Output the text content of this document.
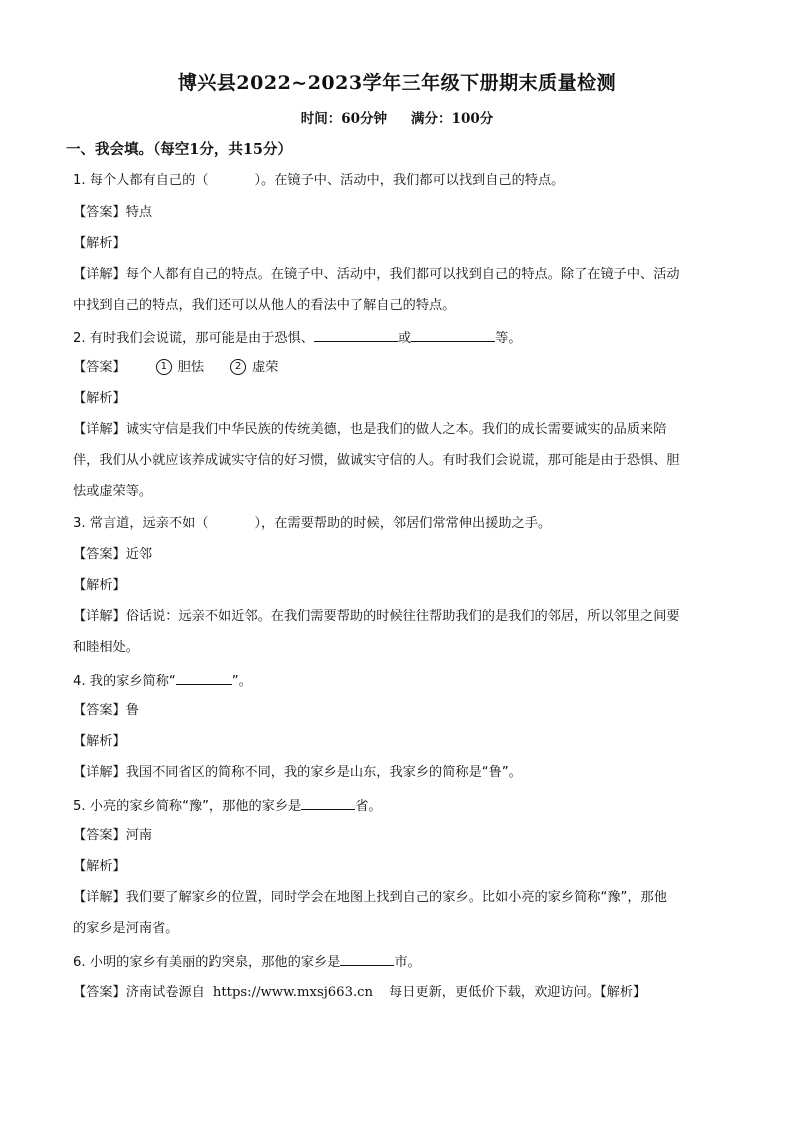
博兴县2022~2023学年三年级下册期末质量检测
时间：60分钟 满分：100分
一、我会填。（每空1分，共15分）
1. 每个人都有自己的（	）。在镜子中、活动中，我们都可以找到自己的特点。
【答案】特点
【解析】
【详解】每个人都有自己的特点。在镜子中、活动中，我们都可以找到自己的特点。除了在镜子中、活动
中找到自己的特点，我们还可以从他人的看法中了解自己的特点。
2. 有时我们会说谎，那可能是由于恐惧、	或	等。
【答案】	1 胆怯	2 虚荣
【解析】
【详解】诚实守信是我们中华民族的传统美德，也是我们的做人之本。我们的成长需要诚实的品质来陪
伴，我们从小就应该养成诚实守信的好习惯，做诚实守信的人。有时我们会说谎，那可能是由于恐惧、胆
怯或虚荣等。
3. 常言道，远亲不如（	），在需要帮助的时候，邻居们常常伸出援助之手。
【答案】近邻
【解析】
【详解】俗话说：远亲不如近邻。在我们需要帮助的时候往往帮助我们的是我们的邻居，所以邻里之间要
和睦相处。
4. 我的家乡简称“	”。
【答案】鲁
【解析】
【详解】我国不同省区的简称不同，我的家乡是山东，我家乡的简称是“鲁”。
5. 小亮的家乡简称“豫”，那他的家乡是	省。
【答案】河南
【解析】
【详解】我们要了解家乡的位置，同时学会在地图上找到自己的家乡。比如小亮的家乡简称“豫”，那他
的家乡是河南省。
6. 小明的家乡有美丽的趵突泉，那他的家乡是	市。
【答案】济南试卷源自 https://www.mxsj663.cn 每日更新，更低价下载，欢迎访问。【解析】
